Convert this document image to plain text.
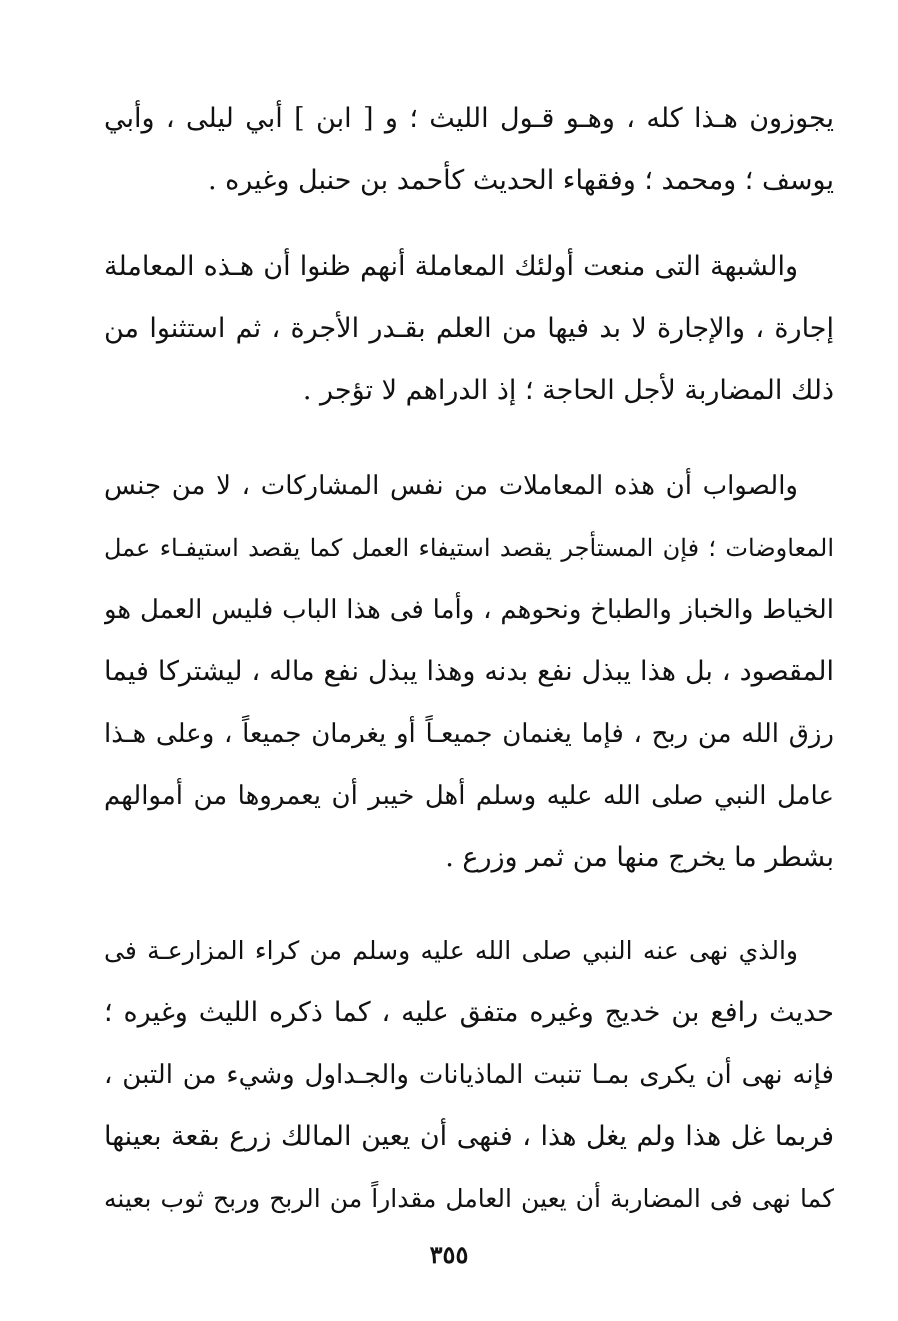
يجوزون هـذا كله ، وهـو قـول الليث ؛ و [ ابن ] أبي ليلى ، وأبي
يوسف ؛ ومحمد ؛ وفقهاء الحديث كأحمد بن حنبل وغيره .
والشبهة التى منعت أولئك المعاملة أنهم ظنوا أن هـذه المعاملة
إجارة ، والإجارة لا بد فيها من العلم بقـدر الأجرة ، ثم استثنوا من
ذلك المضاربة لأجل الحاجة ؛ إذ الدراهم لا تؤجر .
والصواب أن هذه المعاملات من نفس المشاركات ، لا من جنس
المعاوضات ؛ فإن المستأجر يقصد استيفاء العمل كما يقصد استيفـاء عمل
الخياط والخباز والطباخ ونحوهم ، وأما فى هذا الباب فليس العمل هو
المقصود ، بل هذا يبذل نفع بدنه وهذا يبذل نفع ماله ، ليشتركا فيما
رزق الله من ربح ، فإما يغنمان جميعـاً أو يغرمان جميعاً ، وعلى هـذا
عامل النبي صلى الله عليه وسلم أهل خيبر أن يعمروها من أموالهم
بشطر ما يخرج منها من ثمر وزرع .
والذي نهى عنه النبي صلى الله عليه وسلم من كراء المزارعـة فى
حديث رافع بن خديج وغيره متفق عليه ، كما ذكره الليث وغيره ؛
فإنه نهى أن يكرى بمـا تنبت الماذيانات والجـداول وشيء من التبن ،
فربما غل هذا ولم يغل هذا ، فنهى أن يعين المالك زرع بقعة بعينها
كما نهى فى المضاربة أن يعين العامل مقداراً من الربح وربح ثوب بعينه
٣٥٥
